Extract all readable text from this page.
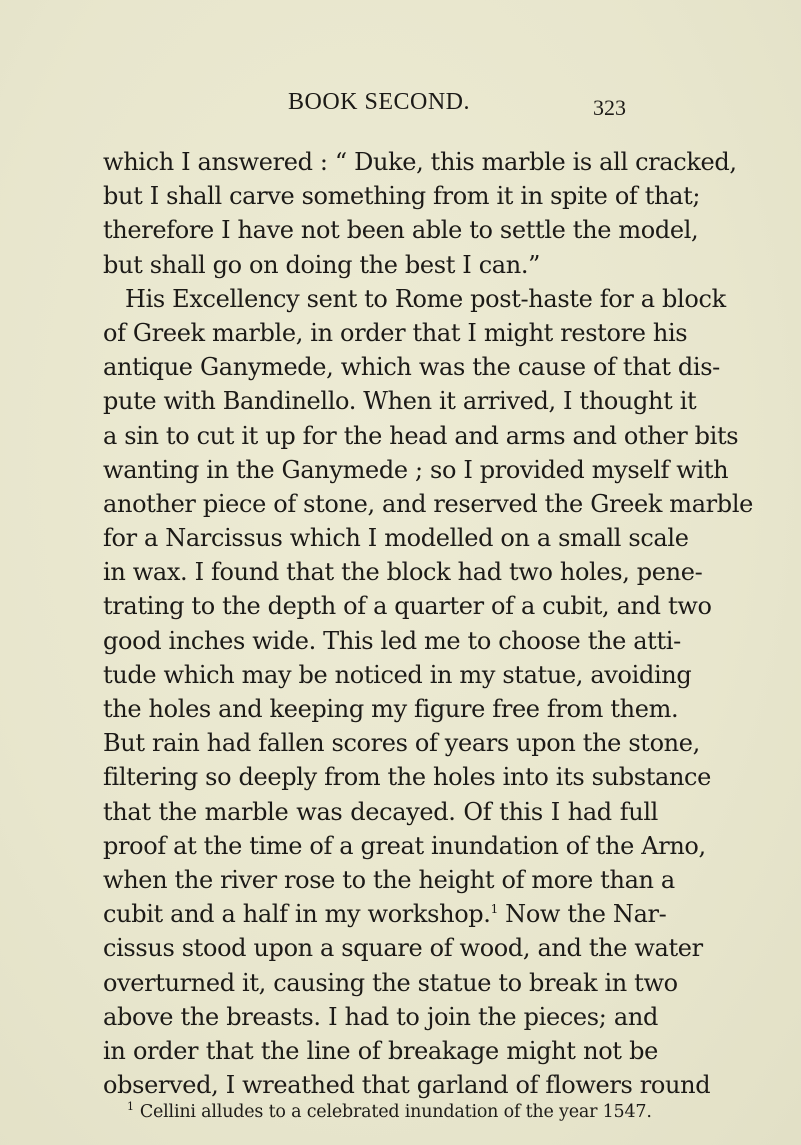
BOOK SECOND.	323
which I answered : “ Duke, this marble is all cracked,
but I shall carve something from it in spite of that;
therefore I have not been able to settle the model,
but shall go on doing the best I can.”
His Excellency sent to Rome post-haste for a block
of Greek marble, in order that I might restore his
antique Ganymede, which was the cause of that dis-
pute with Bandinello. When it arrived, I thought it
a sin to cut it up for the head and arms and other bits
wanting in the Ganymede ; so I provided myself with
another piece of stone, and reserved the Greek marble
for a Narcissus which I modelled on a small scale
in wax. I found that the block had two holes, pene-
trating to the depth of a quarter of a cubit, and two
good inches wide. This led me to choose the atti-
tude which may be noticed in my statue, avoiding
the holes and keeping my figure free from them.
But rain had fallen scores of years upon the stone,
filtering so deeply from the holes into its substance
that the marble was decayed. Of this I had full
proof at the time of a great inundation of the Arno,
when the river rose to the height of more than a
cubit and a half in my workshop.$^1$ Now the Nar-
cissus stood upon a square of wood, and the water
overturned it, causing the statue to break in two
above the breasts. I had to join the pieces; and
in order that the line of breakage might not be
observed, I wreathed that garland of flowers round
$^1$ Cellini alludes to a celebrated inundation of the year 1547.
